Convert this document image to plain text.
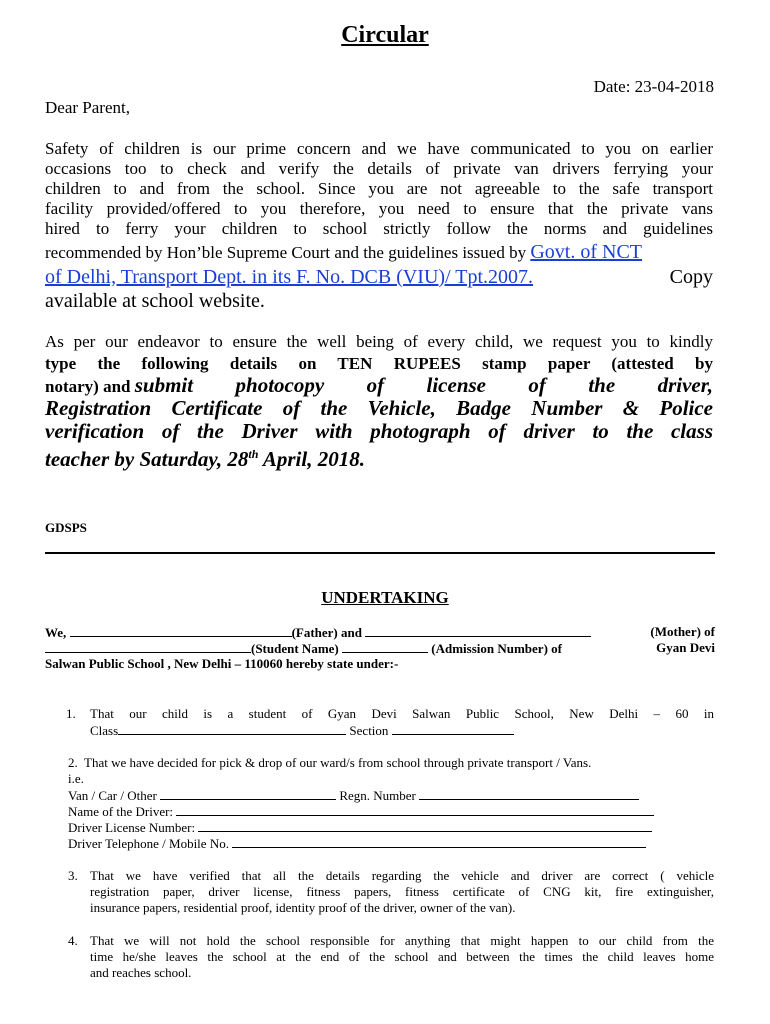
Circular
Date: 23-04-2018
Dear Parent,
Safety of children is our prime concern and we have communicated to you on earlier
occasions too to check and verify the details of private van drivers ferrying your
children to and from the school. Since you are not agreeable to the safe transport
facility provided/offered to you therefore, you need to ensure that the private vans
hired to ferry your children to school strictly follow the norms and guidelines
recommended by Hon’ble Supreme Court and the guidelines issued by Govt. of NCT
of Delhi, Transport Dept. in its F. No. DCB (VIU)/ Tpt.2007.	Copy
available at school website.
As per our endeavor to ensure the well being of every child, we request you to kindly
type the following details on TEN RUPEES stamp paper (attested by
notary) and submit photocopy of license of the driver,
Registration Certificate of the Vehicle, Badge Number & Police
verification of the Driver with photograph of driver to the class
teacher by Saturday, 28th April, 2018.
GDSPS
UNDERTAKING
We,	(Father) and	(Mother) of
(Student Name)	(Admission Number) of	Gyan Devi
Salwan Public School , New Delhi – 110060 hereby state under:-
1. That our child is a student of Gyan Devi Salwan Public School, New Delhi – 60 in
Class	Section
2. That we have decided for pick & drop of our ward/s from school through private transport / Vans.
i.e.
Van / Car / Other	Regn. Number
Name of the Driver:
Driver License Number:
Driver Telephone / Mobile No.
3. That we have verified that all the details regarding the vehicle and driver are correct ( vehicle
registration paper, driver license, fitness papers, fitness certificate of CNG kit, fire extinguisher,
insurance papers, residential proof, identity proof of the driver, owner of the van).
4. That we will not hold the school responsible for anything that might happen to our child from the
time he/she leaves the school at the end of the school and between the times the child leaves home
and reaches school.
